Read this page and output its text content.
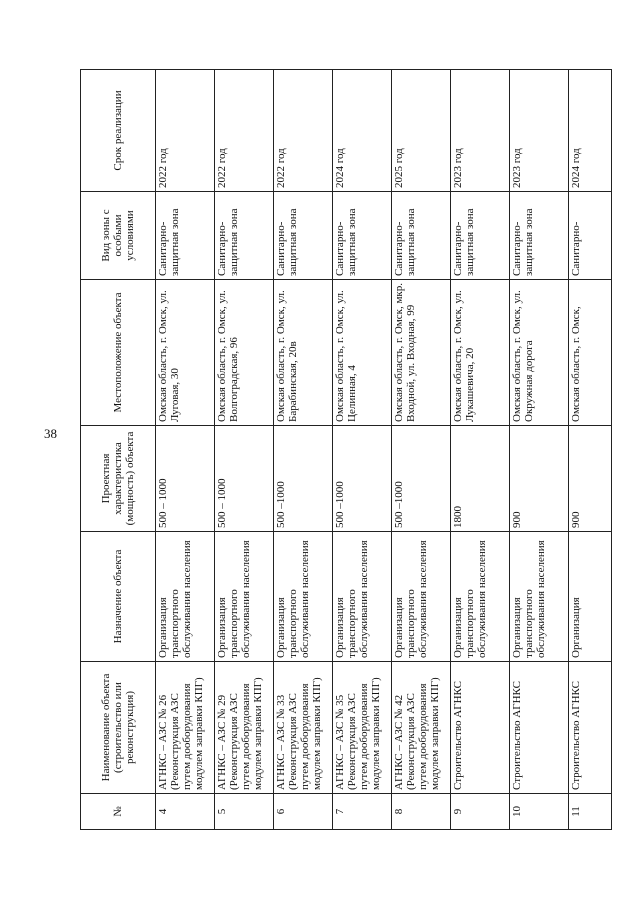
38
№	Наименование объекта (строительство или реконструкция)	Назначение объекта	Проектная характеристика (мощность) объекта	Местоположение объекта	Вид зоны с особыми условиями	Срок реализации
4	АГНКС – АЗС № 26 (Реконструкция АЗС путем дооборудования модулем заправки КПГ)	Организация транспортного обслуживания населения	500 – 1000	Омская область, г. Омск, ул. Луговая, 30	Санитарно-защитная зона	2022 год
5	АГНКС – АЗС № 29 (Реконструкция АЗС путем дооборудования модулем заправки КПГ)	Организация транспортного обслуживания населения	500 – 1000	Омская область, г. Омск, ул. Волгоградская, 96	Санитарно-защитная зона	2022 год
6	АГНКС – АЗС № 33 (Реконструкция АЗС путем дооборудования модулем заправки КПГ)	Организация транспортного обслуживания населения	500 –1000	Омская область, г. Омск, ул. Барабинская, 20в	Санитарно-защитная зона	2022 год
7	АГНКС – АЗС № 35 (Реконструкция АЗС путем дооборудования модулем заправки КПГ)	Организация транспортного обслуживания населения	500 –1000	Омская область, г. Омск, ул. Целинная, 4	Санитарно-защитная зона	2024 год
8	АГНКС – АЗС № 42 (Реконструкция АЗС путем дооборудования модулем заправки КПГ)	Организация транспортного обслуживания населения	500 –1000	Омская область, г. Омск, мкр. Входной, ул. Входная, 99	Санитарно-защитная зона	2025 год
9	Строительство АГНКС	Организация транспортного обслуживания населения	1800	Омская область, г. Омск, ул. Лукашевича, 20	Санитарно-защитная зона	2023 год
10	Строительство АГНКС	Организация транспортного обслуживания населения	900	Омская область, г. Омск, ул. Окружная дорога	Санитарно-защитная зона	2023 год
11	Строительство АГНКС	Организация	900	Омская область, г. Омск,	Санитарно-	2024 год
